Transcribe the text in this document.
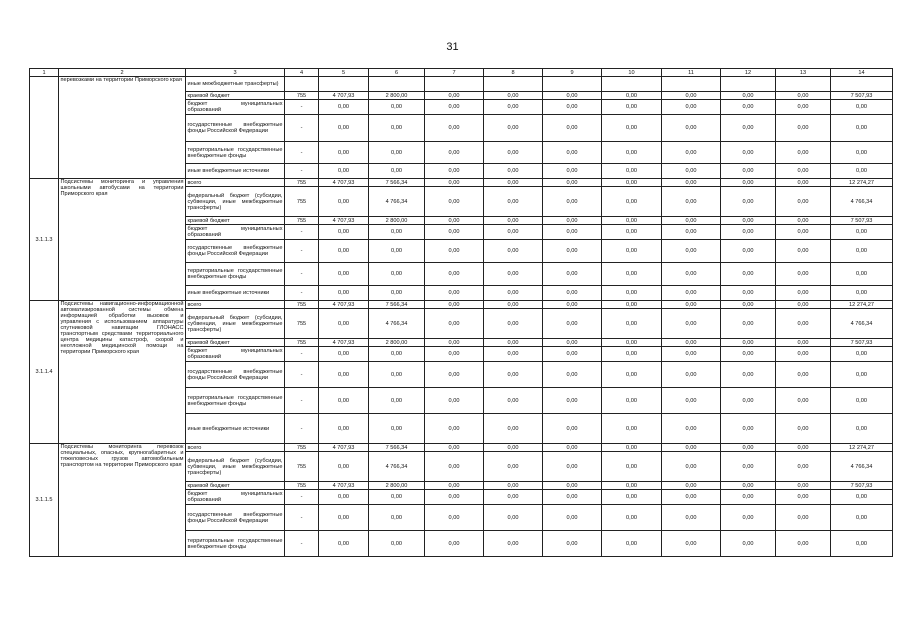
31
1	2	3	4	5	6	7	8	9	10	11	12	13	14
	перевозками на территории Приморского края	иные межбюджетные трансферты)											
		краевой бюджет	755	4 707,93	2 800,00	0,00	0,00	0,00	0,00	0,00	0,00	0,00	7 507,93
		бюджет муниципальных образований	-	0,00	0,00	0,00	0,00	0,00	0,00	0,00	0,00	0,00	0,00
		государственные внебюджетные фонды Российской Федерации	-	0,00	0,00	0,00	0,00	0,00	0,00	0,00	0,00	0,00	0,00
		территориальные государственные внебюджетные фонды	-	0,00	0,00	0,00	0,00	0,00	0,00	0,00	0,00	0,00	0,00
		иные внебюджетные источники	-	0,00	0,00	0,00	0,00	0,00	0,00	0,00	0,00	0,00	0,00
3.1.1.3	Подсистемы мониторинга и управления школьными автобусами на территории Приморского края	всего	755	4 707,93	7 566,34	0,00	0,00	0,00	0,00	0,00	0,00	0,00	12 274,27
		федеральный бюджет (субсидии, субвенции, иные межбюджетные трансферты)	755	0,00	4 766,34	0,00	0,00	0,00	0,00	0,00	0,00	0,00	4 766,34
		краевой бюджет	755	4 707,93	2 800,00	0,00	0,00	0,00	0,00	0,00	0,00	0,00	7 507,93
		бюджет муниципальных образований	-	0,00	0,00	0,00	0,00	0,00	0,00	0,00	0,00	0,00	0,00
		государственные внебюджетные фонды Российской Федерации	-	0,00	0,00	0,00	0,00	0,00	0,00	0,00	0,00	0,00	0,00
		территориальные государственные внебюджетные фонды	-	0,00	0,00	0,00	0,00	0,00	0,00	0,00	0,00	0,00	0,00
		иные внебюджетные источники	-	0,00	0,00	0,00	0,00	0,00	0,00	0,00	0,00	0,00	0,00
3.1.1.4	Подсистемы навигационно-информационной автоматизированной системы обмена информацией обработки вызовов и управления с использованием аппаратуры спутниковой навигации ГЛОНАСС транспортным средствами территориального центра медицины катастроф, скорой и неотложной медицинской помощи на территории Приморского края	всего	755	4 707,93	7 566,34	0,00	0,00	0,00	0,00	0,00	0,00	0,00	12 274,27
		федеральный бюджет (субсидии, субвенции, иные межбюджетные трансферты)	755	0,00	4 766,34	0,00	0,00	0,00	0,00	0,00	0,00	0,00	4 766,34
		краевой бюджет	755	4 707,93	2 800,00	0,00	0,00	0,00	0,00	0,00	0,00	0,00	7 507,93
		бюджет муниципальных образований	-	0,00	0,00	0,00	0,00	0,00	0,00	0,00	0,00	0,00	0,00
		государственные внебюджетные фонды Российской Федерации	-	0,00	0,00	0,00	0,00	0,00	0,00	0,00	0,00	0,00	0,00
		территориальные государственные внебюджетные фонды	-	0,00	0,00	0,00	0,00	0,00	0,00	0,00	0,00	0,00	0,00
		иные внебюджетные источники	-	0,00	0,00	0,00	0,00	0,00	0,00	0,00	0,00	0,00	0,00
3.1.1.5	Подсистемы мониторинга перевозок специальных, опасных, крупногабаритных и тяжеловесных грузов автомобильным транспортом на территории Приморского края	всего	755	4 707,93	7 566,34	0,00	0,00	0,00	0,00	0,00	0,00	0,00	12 274,27
		федеральный бюджет (субсидии, субвенции, иные межбюджетные трансферты)	755	0,00	4 766,34	0,00	0,00	0,00	0,00	0,00	0,00	0,00	4 766,34
		краевой бюджет	755	4 707,93	2 800,00	0,00	0,00	0,00	0,00	0,00	0,00	0,00	7 507,93
		бюджет муниципальных образований	-	0,00	0,00	0,00	0,00	0,00	0,00	0,00	0,00	0,00	0,00
		государственные внебюджетные фонды Российской Федерации	-	0,00	0,00	0,00	0,00	0,00	0,00	0,00	0,00	0,00	0,00
		территориальные государственные внебюджетные фонды	-	0,00	0,00	0,00	0,00	0,00	0,00	0,00	0,00	0,00	0,00
